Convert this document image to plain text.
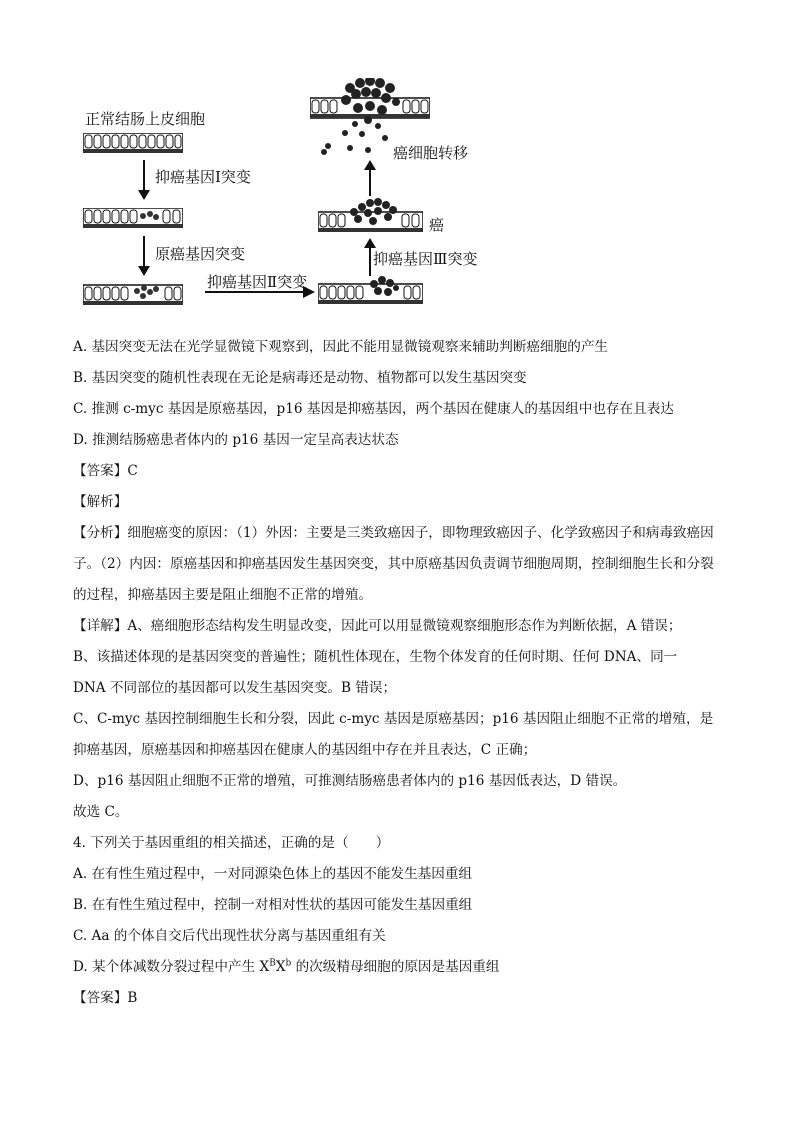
正常结肠上皮细胞
抑癌基因Ⅰ突变
原癌基因突变
抑癌基因Ⅱ突变
抑癌基因Ⅲ突变
癌
癌细胞转移

A. 基因突变无法在光学显微镜下观察到，因此不能用显微镜观察来辅助判断癌细胞的产生

B. 基因突变的随机性表现在无论是病毒还是动物、植物都可以发生基因突变

C. 推测 c-myc 基因是原癌基因，p16 基因是抑癌基因，两个基因在健康人的基因组中也存在且表达

D. 推测结肠癌患者体内的 p16 基因一定呈高表达状态

【答案】C

【解析】

【分析】细胞癌变的原因：（1）外因：主要是三类致癌因子，即物理致癌因子、化学致癌因子和病毒致癌因子。（2）内因：原癌基因和抑癌基因发生基因突变，其中原癌基因负责调节细胞周期，控制细胞生长和分裂的过程，抑癌基因主要是阻止细胞不正常的增殖。

【详解】A、癌细胞形态结构发生明显改变，因此可以用显微镜观察细胞形态作为判断依据，A 错误；

B、该描述体现的是基因突变的普遍性；随机性体现在，生物个体发育的任何时期、任何 DNA、同一

DNA 不同部位的基因都可以发生基因突变。B 错误；

C、C-myc 基因控制细胞生长和分裂，因此 c-myc 基因是原癌基因；p16 基因阻止细胞不正常的增殖，是抑癌基因，原癌基因和抑癌基因在健康人的基因组中存在并且表达，C 正确；

D、p16 基因阻止细胞不正常的增殖，可推测结肠癌患者体内的 p16 基因低表达，D 错误。

故选 C。

4. 下列关于基因重组的相关描述，正确的是（　　）

A. 在有性生殖过程中，一对同源染色体上的基因不能发生基因重组

B. 在有性生殖过程中，控制一对相对性状的基因可能发生基因重组

C. Aa 的个体自交后代出现性状分离与基因重组有关

D. 某个体减数分裂过程中产生 $X^BX^b$ 的次级精母细胞的原因是基因重组

【答案】B
